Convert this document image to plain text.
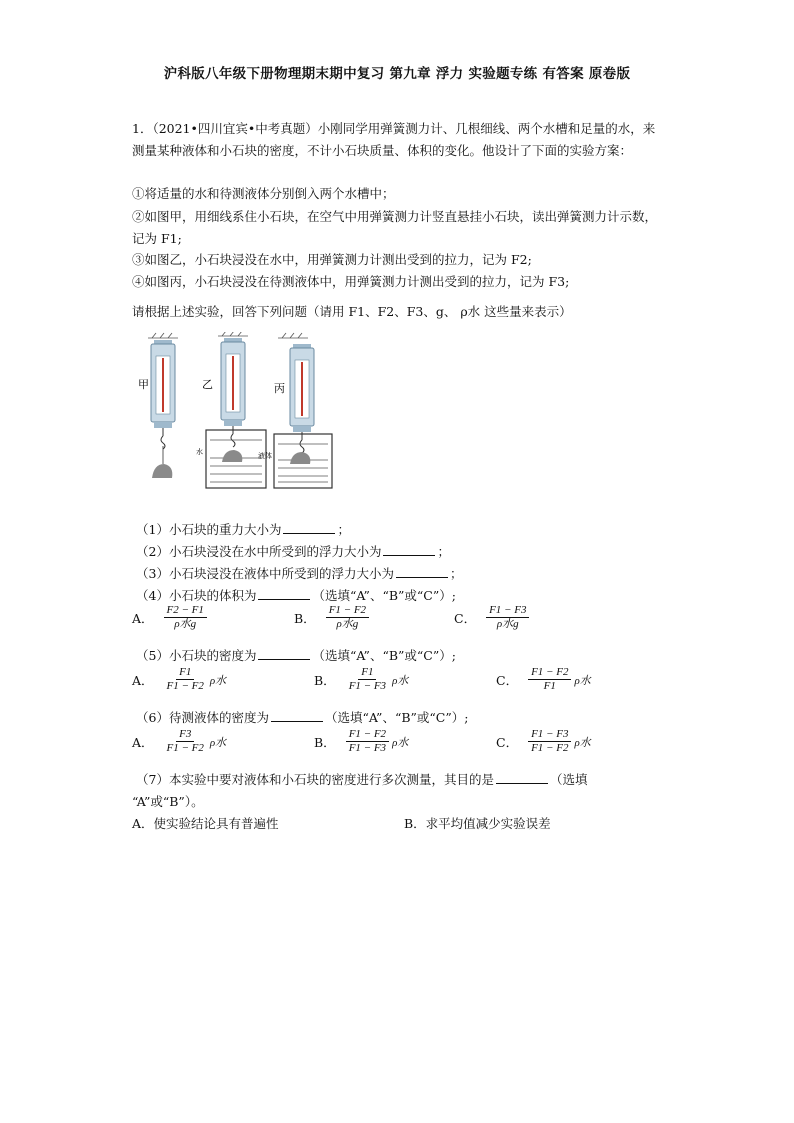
沪科版八年级下册物理期末期中复习 第九章 浮力 实验题专练 有答案 原卷版
1．（2021•四川宜宾•中考真题）小刚同学用弹簧测力计、几根细线、两个水槽和足量的水，来测量某种液体和小石块的密度，不计小石块质量、体积的变化。他设计了下面的实验方案：
①将适量的水和待测液体分别倒入两个水槽中；
②如图甲，用细线系住小石块，在空气中用弹簧测力计竖直悬挂小石块，读出弹簧测力计示数，记为 F1;
③如图乙，小石块浸没在水中，用弹簧测力计测出受到的拉力，记为 F2;
④如图丙，小石块浸没在待测液体中，用弹簧测力计测出受到的拉力，记为 F3;
请根据上述实验，回答下列问题（请用 F1、F2、F3、g、 ρ水 这些量来表示）
甲
水
乙
液体
丙
（1）小石块的重力大小为	；
（2）小石块浸没在水中所受到的浮力大小为	；
（3）小石块浸没在液体中所受到的浮力大小为	；
（4）小石块的体积为	（选填“A”、“B”或“C”）;
A． $\frac{F2 - F1}{\text{ρ水g}}$	B． $\frac{F1 - F2}{\text{ρ水g}}$	C． $\frac{F1 - F3}{\text{ρ水g}}$
（5）小石块的密度为	（选填“A”、“B”或“C”）;
A． $\frac{F1}{F1 - F2}$ ρ水	B． $\frac{F1}{F1 - F3}$ ρ水	C． $\frac{F1 - F2}{F1}$ ρ水
（6）待测液体的密度为	（选填“A”、“B”或“C”）;
A． $\frac{F3}{F1 - F2}$ ρ水	B． $\frac{F1 - F2}{F1 - F3}$ ρ水	C． $\frac{F1 - F3}{F1 - F2}$ ρ水
（7）本实验中要对液体和小石块的密度进行多次测量，其目的是	（选填
“A”或“B”）。
A．使实验结论具有普遍性	B．求平均值减少实验误差
